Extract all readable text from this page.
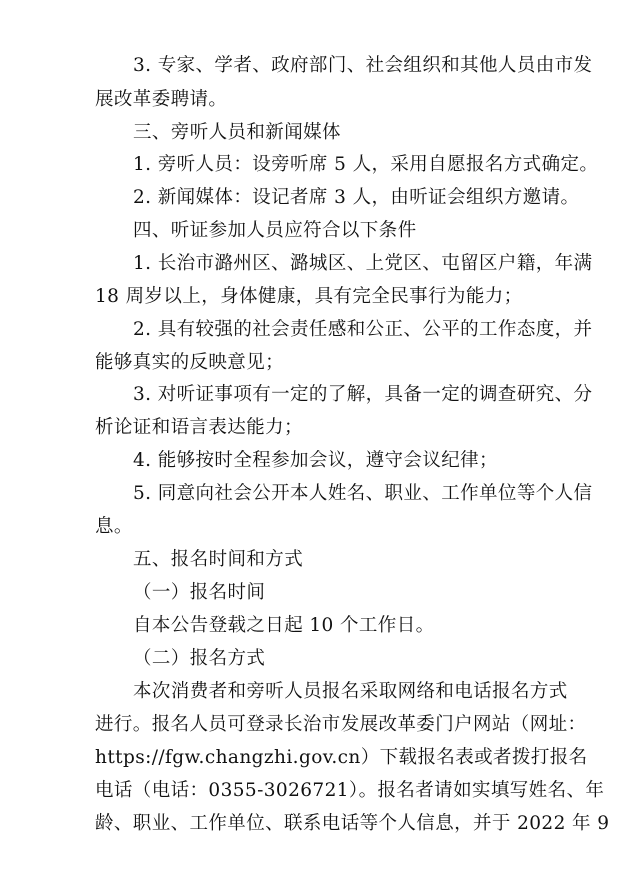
3. 专家、学者、政府部门、社会组织和其他人员由市发
展改革委聘请。
三、旁听人员和新闻媒体
1. 旁听人员：设旁听席 5 人，采用自愿报名方式确定。
2. 新闻媒体：设记者席 3 人，由听证会组织方邀请。
四、听证参加人员应符合以下条件
1. 长治市潞州区、潞城区、上党区、屯留区户籍，年满
18 周岁以上，身体健康，具有完全民事行为能力；
2. 具有较强的社会责任感和公正、公平的工作态度，并
能够真实的反映意见；
3. 对听证事项有一定的了解，具备一定的调查研究、分
析论证和语言表达能力；
4. 能够按时全程参加会议，遵守会议纪律；
5. 同意向社会公开本人姓名、职业、工作单位等个人信
息。
五、报名时间和方式
（一）报名时间
自本公告登载之日起 10 个工作日。
（二）报名方式
本次消费者和旁听人员报名采取网络和电话报名方式
进行。报名人员可登录长治市发展改革委门户网站（网址：
https://fgw.changzhi.gov.cn）下载报名表或者拨打报名
电话（电话：0355-3026721）。报名者请如实填写姓名、年
龄、职业、工作单位、联系电话等个人信息，并于 2022 年 9
